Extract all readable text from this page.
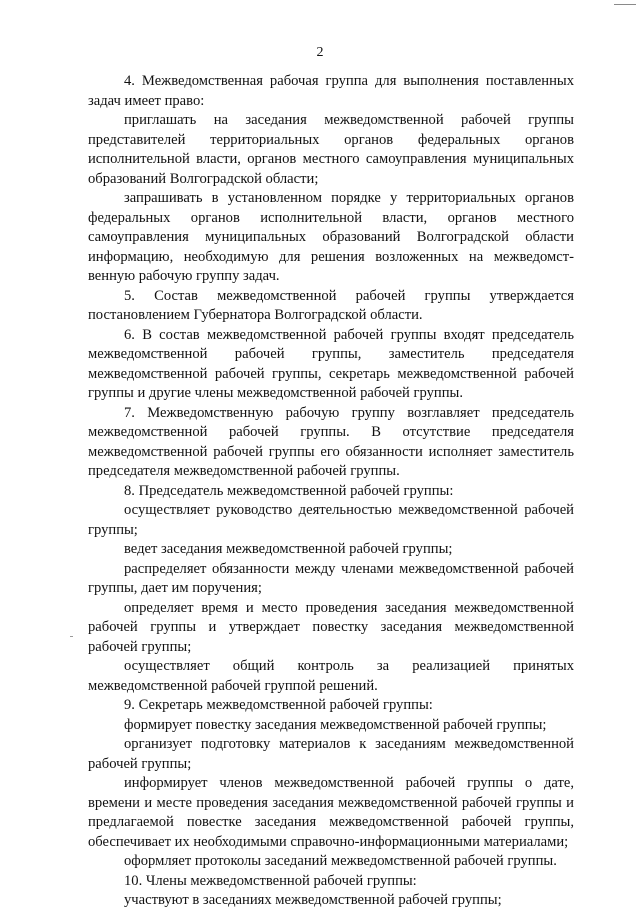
2

4. Межведомственная рабочая группа для выполнения поставленных задач имеет право:

приглашать на заседания межведомственной рабочей группы представителей территориальных органов федеральных органов исполнительной власти, органов местного самоуправления муниципальных образований Волгоградской области;

запрашивать в установленном порядке у территориальных органов федеральных органов исполнительной власти, органов местного самоуправления муниципальных образований Волгоградской области информацию, необходимую для решения возложенных на межведомственную рабочую группу задач.

5. Состав межведомственной рабочей группы утверждается постановлением Губернатора Волгоградской области.

6. В состав межведомственной рабочей группы входят председатель межведомственной рабочей группы, заместитель председателя межведомственной рабочей группы, секретарь межведомственной рабочей группы и другие члены межведомственной рабочей группы.

7. Межведомственную рабочую группу возглавляет председатель межведомственной рабочей группы. В отсутствие председателя межведомственной рабочей группы его обязанности исполняет заместитель председателя межведомственной рабочей группы.

8. Председатель межведомственной рабочей группы:

осуществляет руководство деятельностью межведомственной рабочей группы;

ведет заседания межведомственной рабочей группы;

распределяет обязанности между членами межведомственной рабочей группы, дает им поручения;

определяет время и место проведения заседания межведомственной рабочей группы и утверждает повестку заседания межведомственной рабочей группы;

осуществляет общий контроль за реализацией принятых межведомственной рабочей группой решений.

9. Секретарь межведомственной рабочей группы:

формирует повестку заседания межведомственной рабочей группы;

организует подготовку материалов к заседаниям межведомственной рабочей группы;

информирует членов межведомственной рабочей группы о дате, времени и месте проведения заседания межведомственной рабочей группы и предлагаемой повестке заседания межведомственной рабочей группы, обеспечивает их необходимыми справочно-информационными материалами;

оформляет протоколы заседаний межведомственной рабочей группы.

10. Члены межведомственной рабочей группы:

участвуют в заседаниях межведомственной рабочей группы;
